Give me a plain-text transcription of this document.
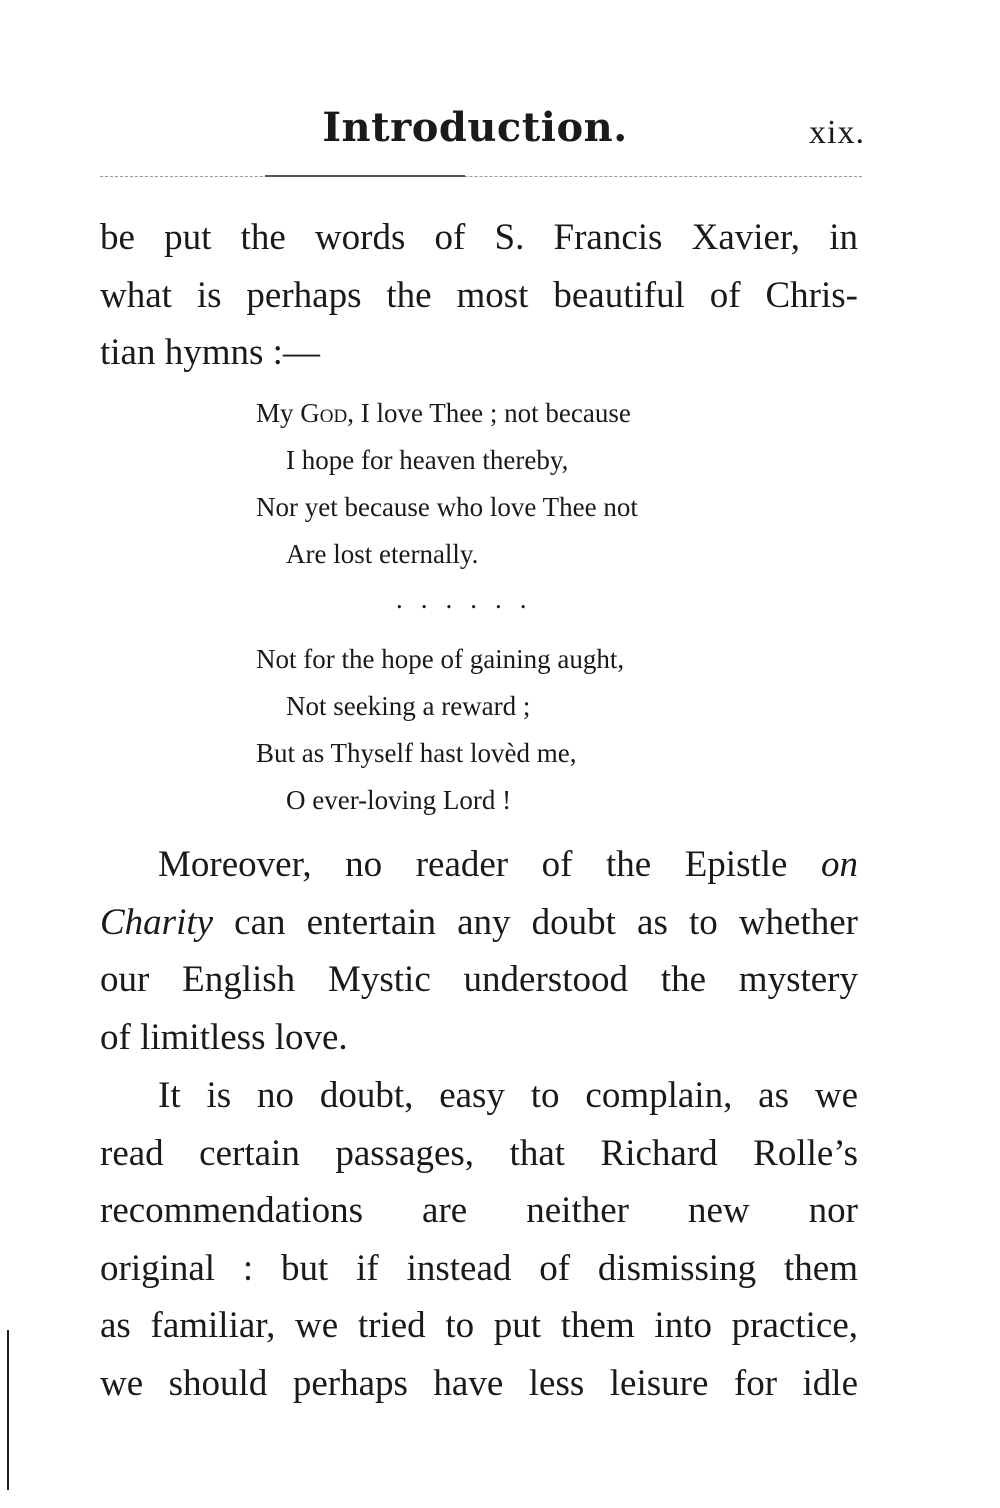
Introduction.	xix.
be put the words of S. Francis Xavier, in
what is perhaps the most beautiful of Chris-
tian hymns :—
My God, I love Thee ; not because
I hope for heaven thereby,
Nor yet because who love Thee not
Are lost eternally.
......
Not for the hope of gaining aught,
Not seeking a reward ;
But as Thyself hast lovèd me,
O ever-loving Lord !
Moreover, no reader of the Epistle on
Charity can entertain any doubt as to whether
our English Mystic understood the mystery
of limitless love.
It is no doubt, easy to complain, as we
read certain passages, that Richard Rolle’s
recommendations are neither new nor
original : but if instead of dismissing them
as familiar, we tried to put them into practice,
we should perhaps have less leisure for idle
